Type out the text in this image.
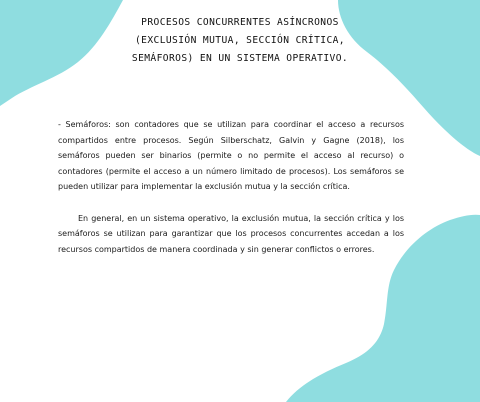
PROCESOS CONCURRENTES ASÍNCRONOS
(EXCLUSIÓN MUTUA, SECCIÓN CRÍTICA,
SEMÁFOROS) EN UN SISTEMA OPERATIVO.

- Semáforos: son contadores que se utilizan para coordinar el acceso a recursos compartidos entre procesos. Según Silberschatz, Galvin y Gagne (2018), los semáforos pueden ser binarios (permite o no permite el acceso al recurso) o contadores (permite el acceso a un número limitado de procesos). Los semáforos se pueden utilizar para implementar la exclusión mutua y la sección crítica.

En general, en un sistema operativo, la exclusión mutua, la sección crítica y los semáforos se utilizan para garantizar que los procesos concurrentes accedan a los recursos compartidos de manera coordinada y sin generar conflictos o errores.
